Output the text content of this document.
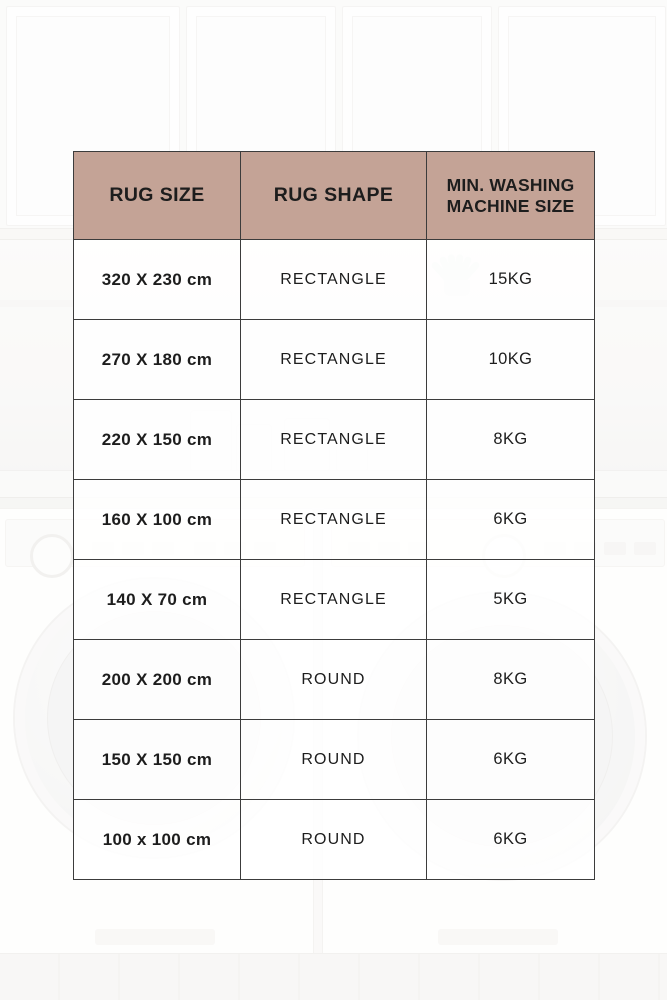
RUG SIZE	RUG SHAPE	MIN. WASHING MACHINE SIZE
320 X 230 cm	RECTANGLE	15KG
270 X 180 cm	RECTANGLE	10KG
220 X 150 cm	RECTANGLE	8KG
160 X 100 cm	RECTANGLE	6KG
140 X 70 cm	RECTANGLE	5KG
200 X 200 cm	ROUND	8KG
150 X 150 cm	ROUND	6KG
100 x 100 cm	ROUND	6KG
